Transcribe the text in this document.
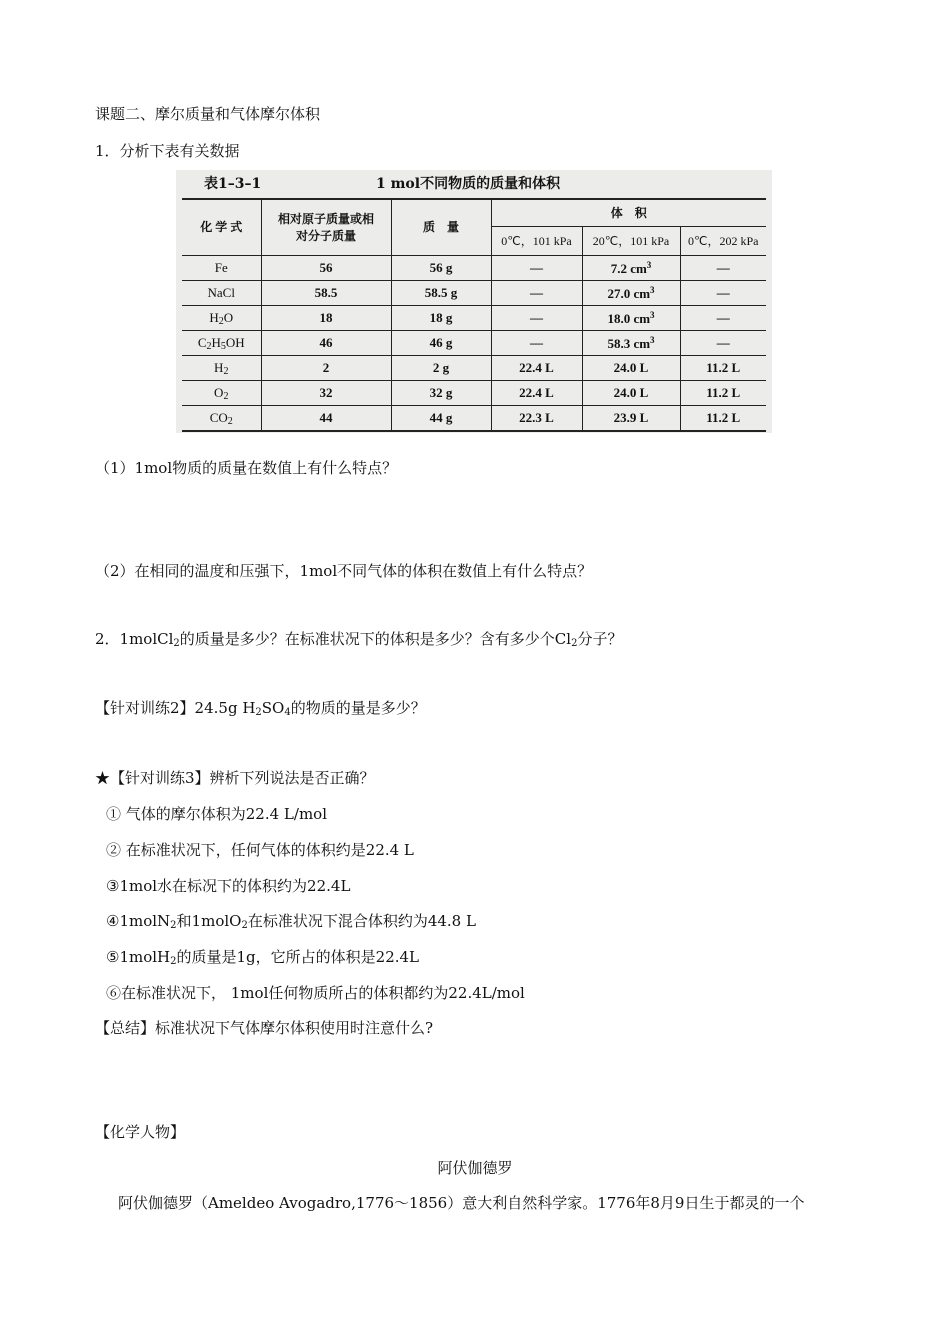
课题二、摩尔质量和气体摩尔体积
1．分析下表有关数据
表1–3–1	1 mol不同物质的质量和体积
化 学 式	相对原子质量或相对分子质量	质　量	体　积		
			0℃，101 kPa	20℃，101 kPa	0℃，202 kPa
Fe	56	56 g	—	7.2 $cm^3$	—
NaCl	58.5	58.5 g	—	27.0 $cm^3$	—
$H_2O$	18	18 g	—	18.0 $cm^3$	—
$C_2H_5OH$	46	46 g	—	58.3 $cm^3$	—
$H_2$	2	2 g	22.4 L	24.0 L	11.2 L
$O_2$	32	32 g	22.4 L	24.0 L	11.2 L
$CO_2$	44	44 g	22.3 L	23.9 L	11.2 L
（1）1mol物质的质量在数值上有什么特点？
（2）在相同的温度和压强下，1mol不同气体的体积在数值上有什么特点？
2．1molCl$_2$的质量是多少？在标准状况下的体积是多少？含有多少个$Cl_2$分子？
【针对训练2】24.5g $H_2SO_4$的物质的量是多少？
★【针对训练3】辨析下列说法是否正确？
① 气体的摩尔体积为22.4 L/mol
② 在标准状况下，任何气体的体积约是22.4 L
③1mol水在标况下的体积约为22.4L
④1molN$_2$和1molO$_2$在标准状况下混合体积约为44.8 L
⑤1molH$_2$的质量是1g，它所占的体积是22.4L
⑥在标准状况下， 1mol任何物质所占的体积都约为22.4L/mol
【总结】标准状况下气体摩尔体积使用时注意什么?
【化学人物】
阿伏伽德罗
阿伏伽德罗（Ameldeo Avogadro,1776～1856）意大利自然科学家。1776年8月9日生于都灵的一个
